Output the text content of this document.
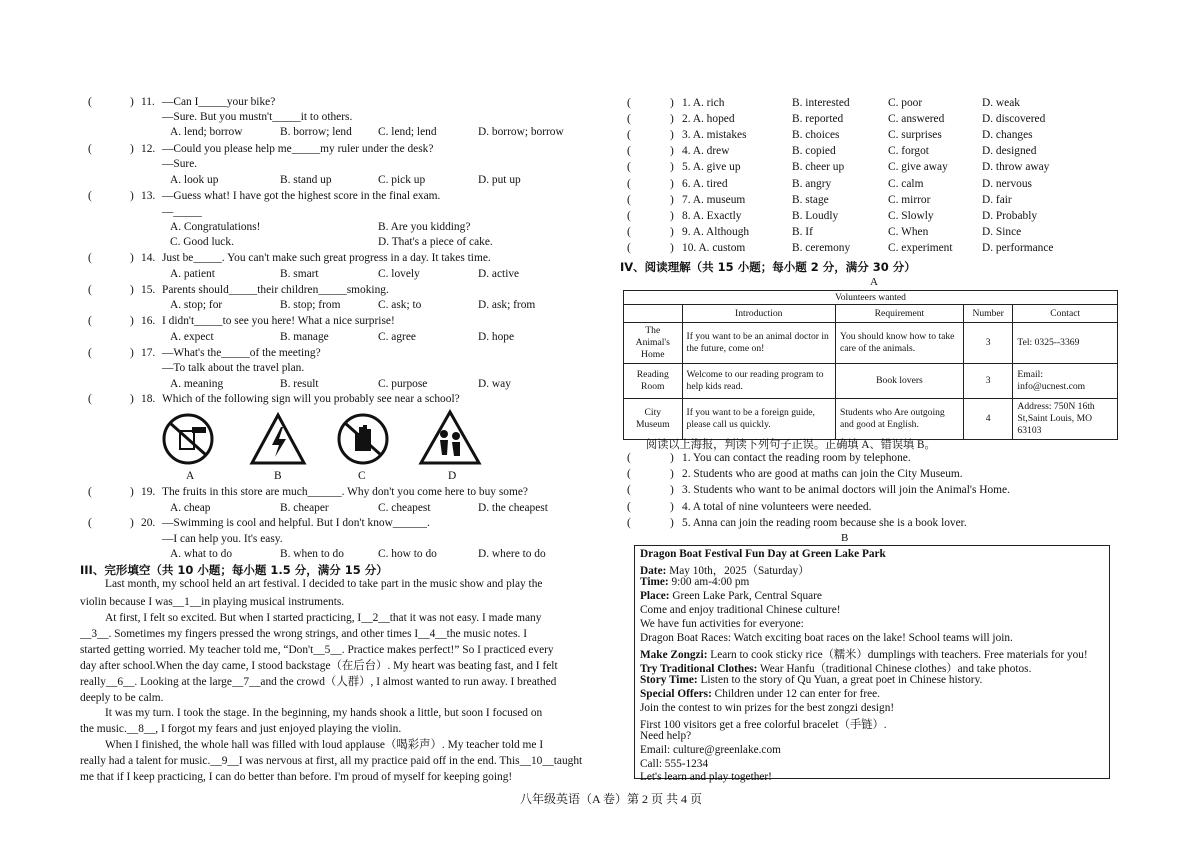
(	) 11. —Can I_____your bike?
—Sure. But you mustn't_____it to others.
A. lend; borrow	B. borrow; lend C. lend; lend	D. borrow; borrow
(	) 12. —Could you please help me_____my ruler under the desk?
—Sure.
A. look up	B. stand up	C. pick up	D. put up
(	) 13. —Guess what! I have got the highest score in the final exam.
—_____
A. Congratulations!	B. Are you kidding?
C. Good luck.	D. That's a piece of cake.
(	) 14. Just be_____. You can't make such great progress in a day. It takes time.
A. patient	B. smart	C. lovely	D. active
(	) 15. Parents should_____their children_____smoking.
A. stop; for	B. stop; from	C. ask; to	D. ask; from
(	) 16. I didn't_____to see you here! What a nice surprise!
A. expect	B. manage	C. agree	D. hope
(	) 17. —What's the_____of the meeting?
—To talk about the travel plan.
A. meaning	B. result	C. purpose	D. way
(	) 18. Which of the following sign will you probably see near a school?
(	) 19. The fruits in this store are much______. Why don't you come here to buy some?
A. cheap	B. cheaper	C. cheapest	D. the cheapest
(	) 20. —Swimming is cool and helpful. But I don't know______.
—I can help you. It's easy.
A. what to do	B. when to do	C. how to do	D. where to do
A	B	C	D
III、完形填空（共 10 小题；每小题 1.5 分，满分 15 分）
Last month, my school held an art festival. I decided to take part in the music show and play the
violin because I was__1__in playing musical instruments.
At first, I felt so excited. But when I started practicing, I__2__that it was not easy. I made many
__3__. Sometimes my fingers pressed the wrong strings, and other times I__4__the music notes. I
started getting worried. My teacher told me, “Don't__5__. Practice makes perfect!” So I practiced every
day after school.When the day came, I stood backstage（在后台）. My heart was beating fast, and I felt
really__6__. Looking at the large__7__and the crowd（人群）, I almost wanted to run away. I breathed
deeply to be calm.
It was my turn. I took the stage. In the beginning, my hands shook a little, but soon I focused on
the music.__8__, I forgot my fears and just enjoyed playing the violin.
When I finished, the whole hall was filled with loud applause（喝彩声）. My teacher told me I
really had a talent for music.__9__I was nervous at first, all my practice paid off in the end. This__10__taught
me that if I keep practicing, I can do better than before. I'm proud of myself for keeping going!
(	) 1. A. rich	B. interested	C. poor	D. weak
(	) 2. A. hoped	B. reported	C. answered	D. discovered
(	) 3. A. mistakes	B. choices	C. surprises	D. changes
(	) 4. A. drew	B. copied	C. forgot	D. designed
(	) 5. A. give up	B. cheer up	C. give away	D. throw away
(	) 6. A. tired	B. angry	C. calm	D. nervous
(	) 7. A. museum	B. stage	C. mirror	D. fair
(	) 8. A. Exactly	B. Loudly	C. Slowly	D. Probably
(	) 9. A. Although	B. If	C. When	D. Since
(	) 10. A. custom	B. ceremony	C. experiment	D. performance
IV、阅读理解（共 15 小题；每小题 2 分，满分 30 分）
A
Volunteers wanted				
	Introduction	Requirement	Number	Contact
The Animal's Home	If you want to be an animal doctor in the future, come on!	You should know how to take care of the animals.	3	Tel: 0325--3369
Reading Room	Welcome to our reading program to help kids read.	Book lovers	3	Email: info@ucnest.com
City Museum	If you want to be a foreign guide, please call us quickly.	Students who Are outgoing and good at English.	4	Address: 750N 16th St,Saint Louis, MO 63103
阅读以上海报，判读下列句子正误。正确填 A、错误填 B。
(	) 1. You can contact the reading room by telephone.
(	) 2. Students who are good at maths can join the City Museum.
(	) 3. Students who want to be animal doctors will join the Animal's Home.
(	) 4. A total of nine volunteers were needed.
(	) 5. Anna can join the reading room because she is a book lover.
B
Dragon Boat Festival Fun Day at Green Lake Park
Date: May 10th，2025（Saturday）
Time: 9:00 am-4:00 pm
Place: Green Lake Park, Central Square
Come and enjoy traditional Chinese culture!
We have fun activities for everyone:
Dragon Boat Races: Watch exciting boat races on the lake! School teams will join.
Make Zongzi: Learn to cook sticky rice（糯米）dumplings with teachers. Free materials for you!
Try Traditional Clothes: Wear Hanfu（traditional Chinese clothes）and take photos.
Story Time: Listen to the story of Qu Yuan, a great poet in Chinese history.
Special Offers: Children under 12 can enter for free.
Join the contest to win prizes for the best zongzi design!
First 100 visitors get a free colorful bracelet（手链）.
Need help?
Email: culture@greenlake.com
Call: 555-1234
Let's learn and play together!
八年级英语（A 卷）第 2 页 共 4 页
